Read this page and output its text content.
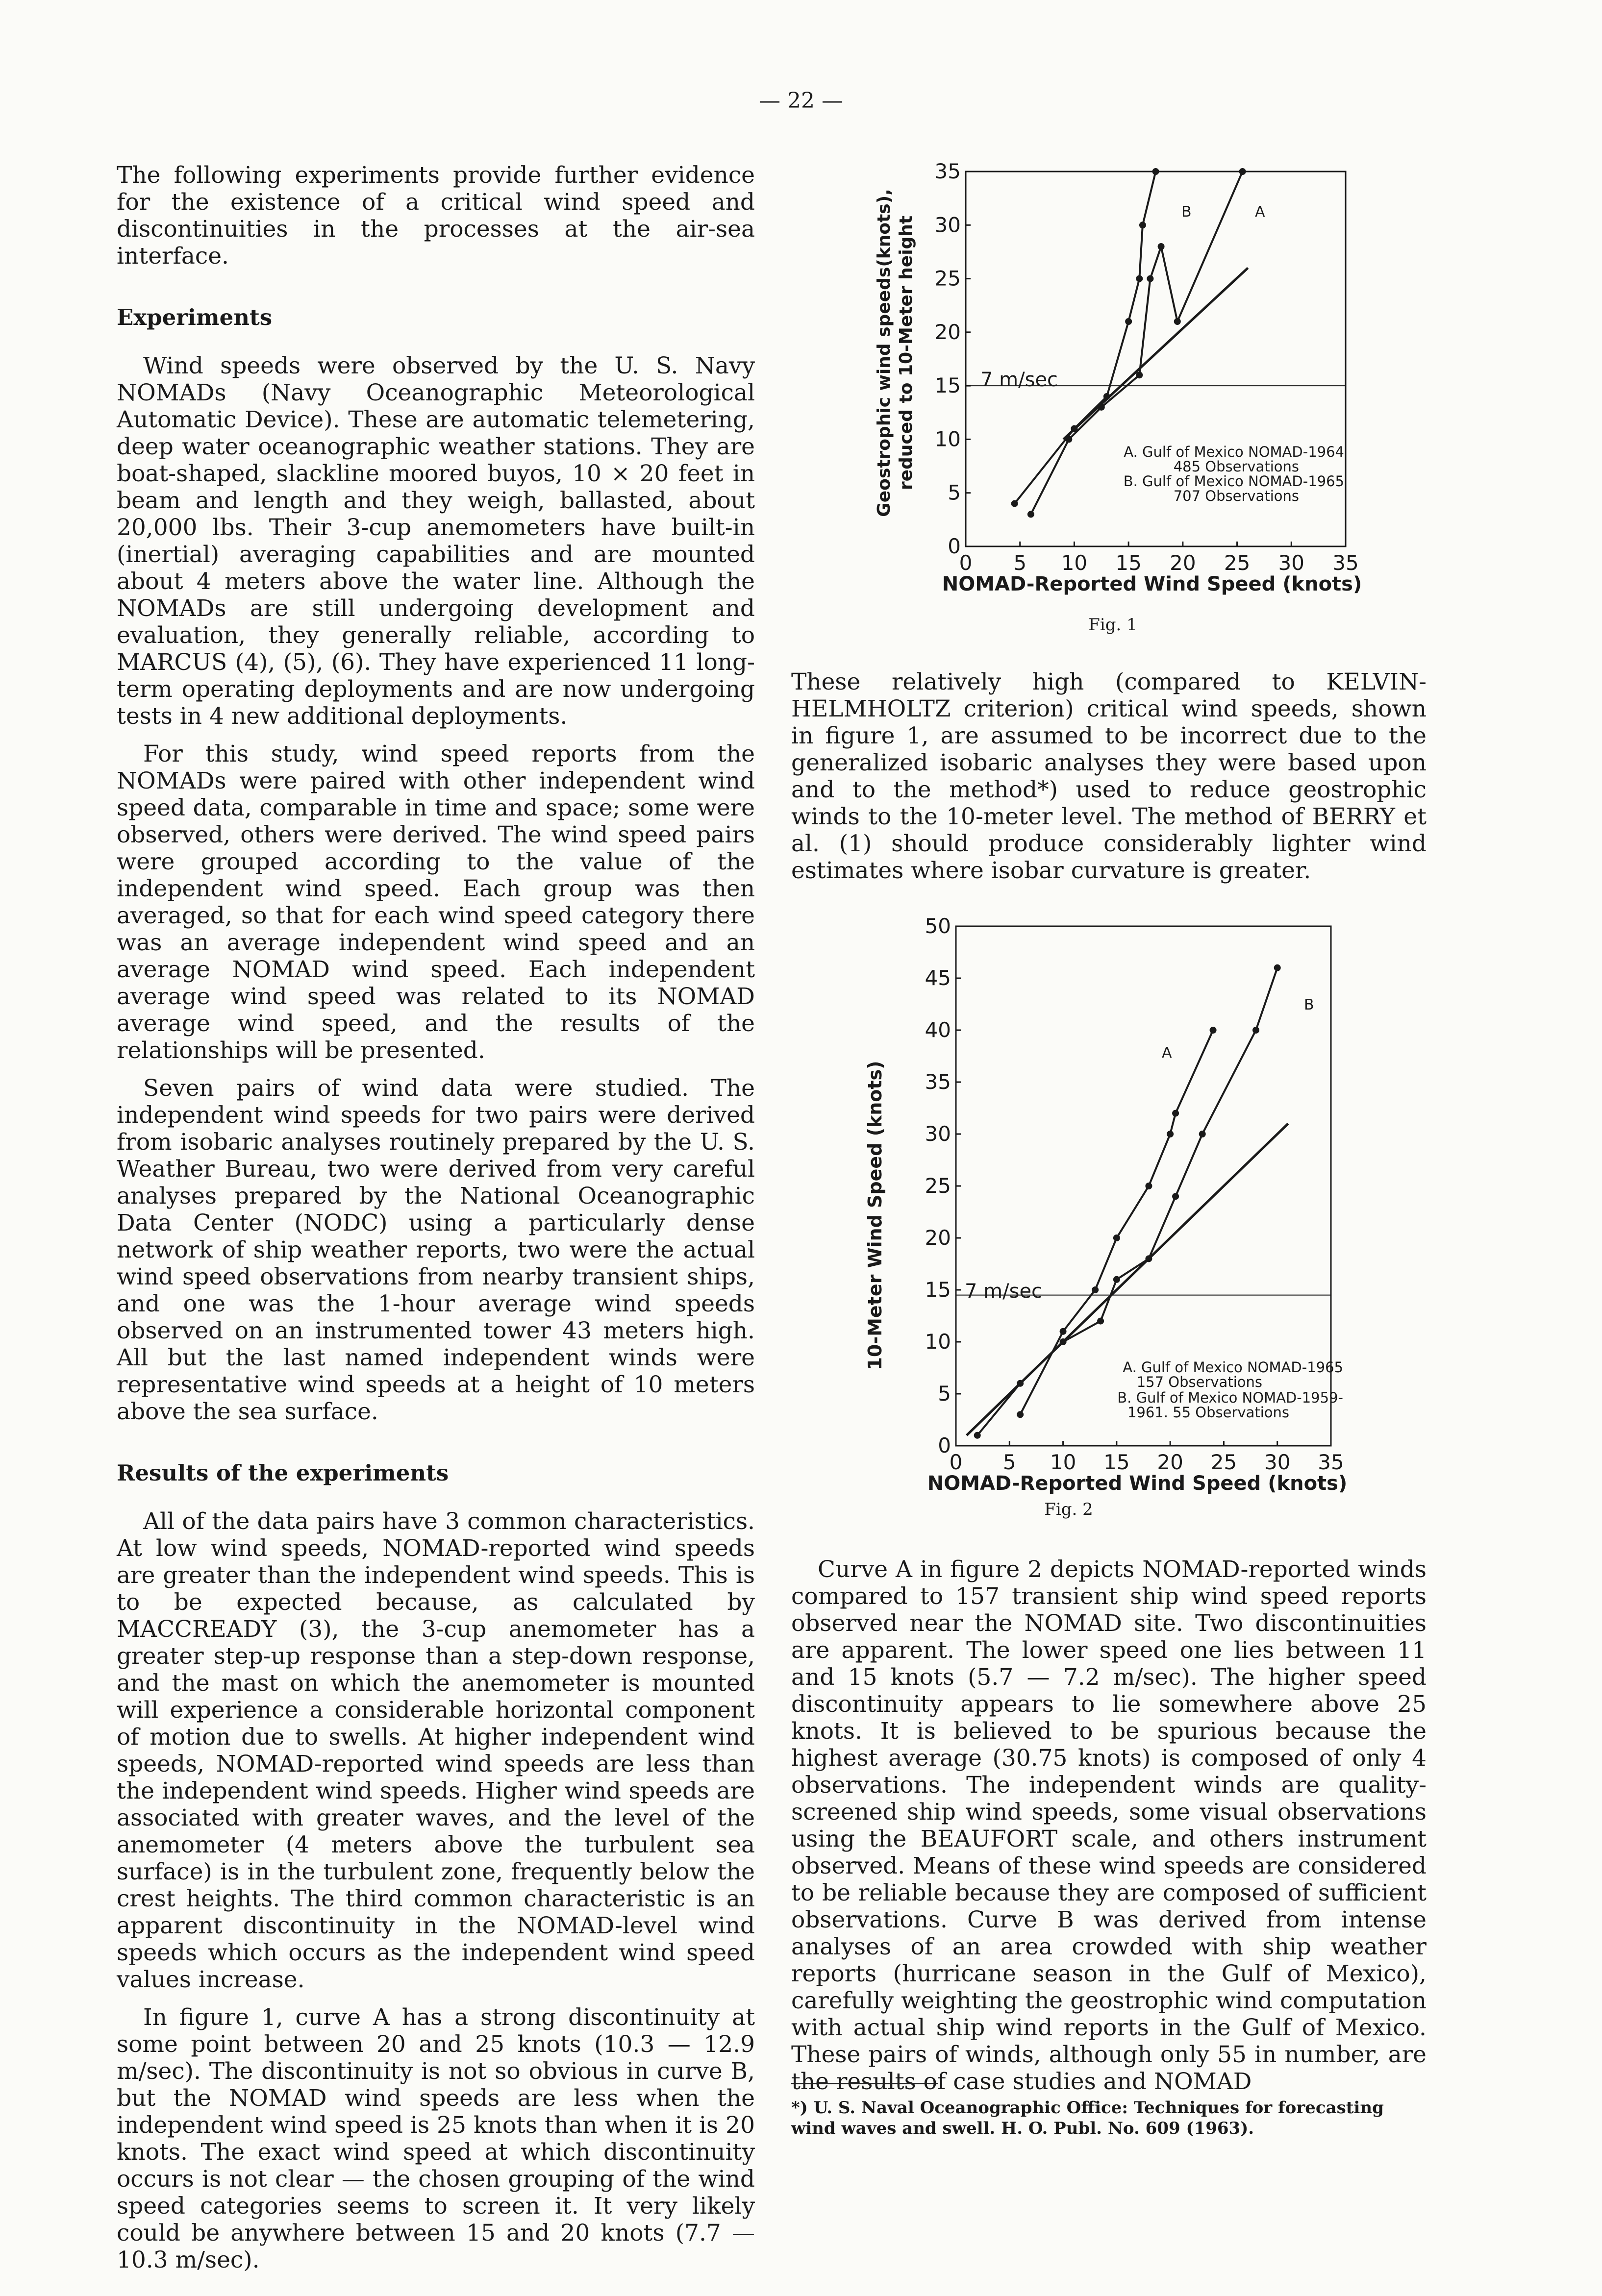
— 22 —

The following experiments provide further evidence for the existence of a critical wind speed and discontinuities in the processes at the air-sea interface.

Experiments

Wind speeds were observed by the U. S. Navy NOMADs (Navy Oceanographic Meteorological Automatic Device). These are automatic telemetering, deep water oceanographic weather stations. They are boat-shaped, slackline moored buyos, 10 × 20 feet in beam and length and they weigh, ballasted, about 20,000 lbs. Their 3-cup anemometers have built-in (inertial) averaging capabilities and are mounted about 4 meters above the water line. Although the NOMADs are still undergoing development and evaluation, they generally reliable, according to MARCUS (4), (5), (6). They have experienced 11 long-term operating deployments and are now undergoing tests in 4 new additional deployments.

For this study, wind speed reports from the NOMADs were paired with other independent wind speed data, comparable in time and space; some were observed, others were derived. The wind speed pairs were grouped according to the value of the independent wind speed. Each group was then averaged, so that for each wind speed category there was an average independent wind speed and an average NOMAD wind speed. Each independent average wind speed was related to its NOMAD average wind speed, and the results of the relationships will be presented.

Seven pairs of wind data were studied. The independent wind speeds for two pairs were derived from isobaric analyses routinely prepared by the U. S. Weather Bureau, two were derived from very careful analyses prepared by the National Oceanographic Data Center (NODC) using a particularly dense network of ship weather reports, two were the actual wind speed observations from nearby transient ships, and one was the 1-hour average wind speeds observed on an instrumented tower 43 meters high. All but the last named independent winds were representative wind speeds at a height of 10 meters above the sea surface.

Results of the experiments

All of the data pairs have 3 common characteristics. At low wind speeds, NOMAD-reported wind speeds are greater than the independent wind speeds. This is to be expected because, as calculated by MACCREADY (3), the 3-cup anemometer has a greater step-up response than a step-down response, and the mast on which the anemometer is mounted will experience a considerable horizontal component of motion due to swells. At higher independent wind speeds, NOMAD-reported wind speeds are less than the independent wind speeds. Higher wind speeds are associated with greater waves, and the level of the anemometer (4 meters above the turbulent sea surface) is in the turbulent zone, frequently below the crest heights. The third common characteristic is an apparent discontinuity in the NOMAD-level wind speeds which occurs as the independent wind speed values increase.

In figure 1, curve A has a strong discontinuity at some point between 20 and 25 knots (10.3 — 12.9 m/sec). The discontinuity is not so obvious in curve B, but the NOMAD wind speeds are less when the independent wind speed is 25 knots than when it is 20 knots. The exact wind speed at which discontinuity occurs is not clear — the chosen grouping of the wind speed categories seems to screen it. It very likely could be anywhere between 15 and 20 knots (7.7 — 10.3 m/sec).

0 5 10 15 20 25 30 35
0
5
10
15
20
25
30
35
Geostrophic wind speeds(knots), reduced to 10-Meter height
NOMAD-Reported Wind Speed (knots)
7 m/sec
B	A
A. Gulf of Mexico NOMAD-1964
485 Observations
B. Gulf of Mexico NOMAD-1965
707 Observations
Fig. 1

These relatively high (compared to KELVIN-HELMHOLTZ criterion) critical wind speeds, shown in figure 1, are assumed to be incorrect due to the generalized isobaric analyses they were based upon and to the method*) used to reduce geostrophic winds to the 10-meter level. The method of BERRY et al. (1) should produce considerably lighter wind estimates where isobar curvature is greater.

0 5 10 15 20 25 30 35
0
5
10
15
20
25
30
35
40
45
50
10-Meter Wind Speed (knots)
NOMAD-Reported Wind Speed (knots)
7 m/sec
A
B
A. Gulf of Mexico NOMAD-1965
157 Observations
B. Gulf of Mexico NOMAD-1959-
1961. 55 Observations
Fig. 2

Curve A in figure 2 depicts NOMAD-reported winds compared to 157 transient ship wind speed reports observed near the NOMAD site. Two discontinuities are apparent. The lower speed one lies between 11 and 15 knots (5.7 — 7.2 m/sec). The higher speed discontinuity appears to lie somewhere above 25 knots. It is believed to be spurious because the highest average (30.75 knots) is composed of only 4 observations. The independent winds are quality-screened ship wind speeds, some visual observations using the BEAUFORT scale, and others instrument observed. Means of these wind speeds are considered to be reliable because they are composed of sufficient observations. Curve B was derived from intense analyses of an area crowded with ship weather reports (hurricane season in the Gulf of Mexico), carefully weighting the geostrophic wind computation with actual ship wind reports in the Gulf of Mexico. These pairs of winds, although only 55 in number, are the results of case studies and NOMAD

*) U. S. Naval Oceanographic Office: Techniques for forecasting wind waves and swell. H. O. Publ. No. 609 (1963).
